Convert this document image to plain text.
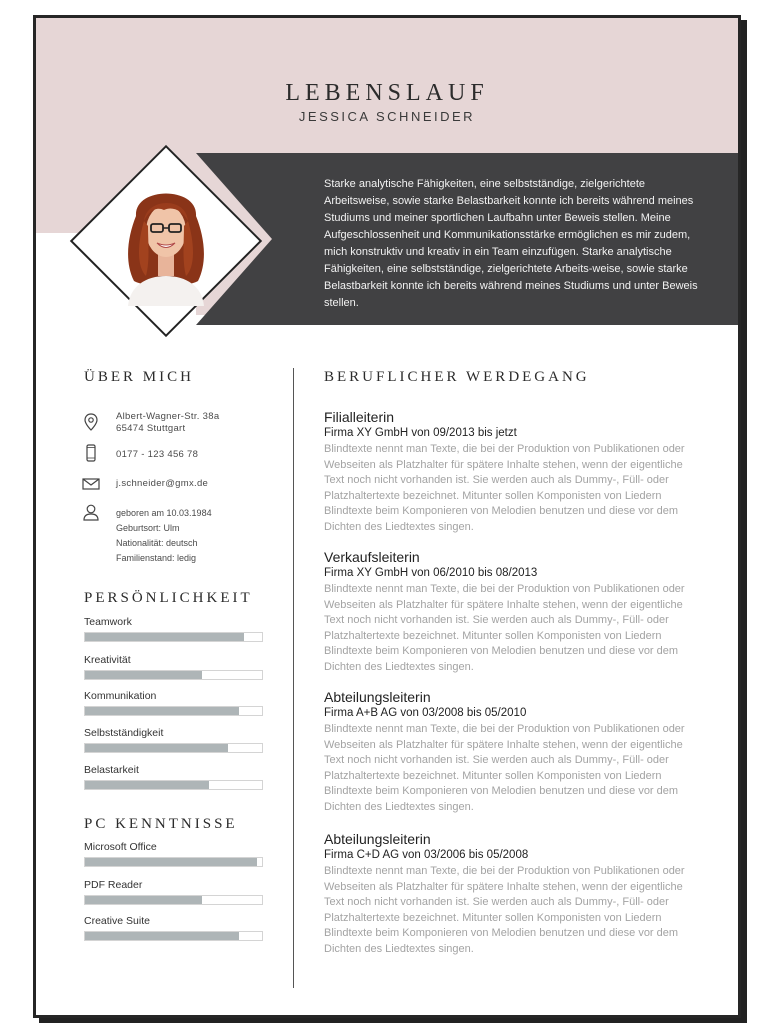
LEBENSLAUF
JESSICA SCHNEIDER
Starke analytische Fähigkeiten, eine selbstständige, zielgerichtete Arbeitsweise, sowie starke Belastbarkeit konnte ich bereits während meines Studiums und meiner sportlichen Laufbahn unter Beweis stellen. Meine Aufgeschlossenheit und Kommunikationsstärke ermöglichen es mir zudem, mich konstruktiv und kreativ in ein Team einzufügen. Starke analytische Fähigkeiten, eine selbstständige, zielgerichtete Arbeits-weise, sowie starke Belastbarkeit konnte ich bereits während meines Studiums und unter Beweis stellen.
ÜBER MICH
Albert-Wagner-Str. 38a
65474 Stuttgart
0177 - 123 456 78
j.schneider@gmx.de
geboren am 10.03.1984
Geburtsort: Ulm
Nationalität: deutsch
Familienstand: ledig
PERSÖNLICHKEIT
Teamwork
Kreativität
Kommunikation
Selbstständigkeit
Belastarkeit
PC KENNTNISSE
Microsoft Office
PDF Reader
Creative Suite
BERUFLICHER WERDEGANG
Filialleiterin
Firma XY GmbH von 09/2013 bis jetzt
Blindtexte nennt man Texte, die bei der Produktion von Publikationen oder Webseiten als Platzhalter für spätere Inhalte stehen, wenn der eigentliche Text noch nicht vorhanden ist. Sie werden auch als Dummy-, Füll- oder Platzhaltertexte bezeichnet. Mitunter sollen Komponisten von Liedern Blindtexte beim Komponieren von Melodien benutzen und diese vor dem Dichten des Liedtextes singen.
Verkaufsleiterin
Firma XY GmbH von 06/2010 bis 08/2013
Blindtexte nennt man Texte, die bei der Produktion von Publikationen oder Webseiten als Platzhalter für spätere Inhalte stehen, wenn der eigentliche Text noch nicht vorhanden ist. Sie werden auch als Dummy-, Füll- oder Platzhaltertexte bezeichnet. Mitunter sollen Komponisten von Liedern Blindtexte beim Komponieren von Melodien benutzen und diese vor dem Dichten des Liedtextes singen.
Abteilungsleiterin
Firma A+B AG von 03/2008 bis 05/2010
Blindtexte nennt man Texte, die bei der Produktion von Publikationen oder Webseiten als Platzhalter für spätere Inhalte stehen, wenn der eigentliche Text noch nicht vorhanden ist. Sie werden auch als Dummy-, Füll- oder Platzhaltertexte bezeichnet. Mitunter sollen Komponisten von Liedern Blindtexte beim Komponieren von Melodien benutzen und diese vor dem Dichten des Liedtextes singen.
Abteilungsleiterin
Firma C+D AG von 03/2006 bis 05/2008
Blindtexte nennt man Texte, die bei der Produktion von Publikationen oder Webseiten als Platzhalter für spätere Inhalte stehen, wenn der eigentliche Text noch nicht vorhanden ist. Sie werden auch als Dummy-, Füll- oder Platzhaltertexte bezeichnet. Mitunter sollen Komponisten von Liedern Blindtexte beim Komponieren von Melodien benutzen und diese vor dem Dichten des Liedtextes singen.
